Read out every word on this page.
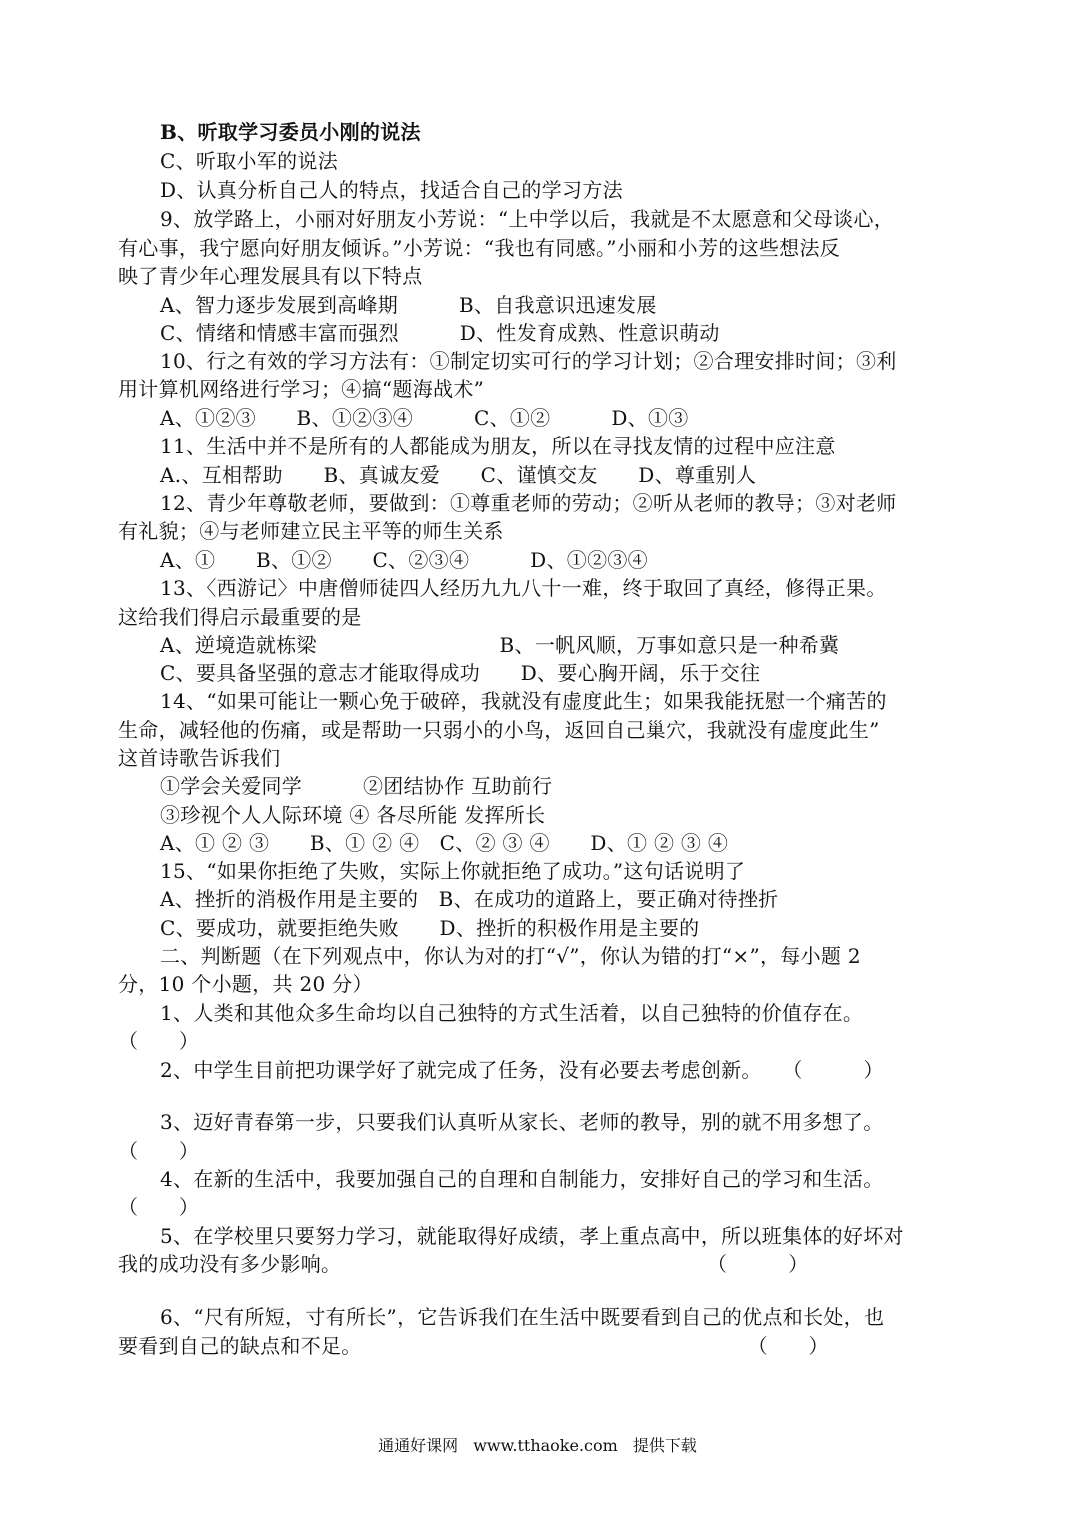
B、听取学习委员小刚的说法
C、听取小军的说法
D、认真分析自己人的特点，找适合自己的学习方法
9、放学路上，小丽对好朋友小芳说：“上中学以后，我就是不太愿意和父母谈心，
有心事，我宁愿向好朋友倾诉。”小芳说：“我也有同感。”小丽和小芳的这些想法反
映了青少年心理发展具有以下特点
A、智力逐步发展到高峰期　　　B、自我意识迅速发展
C、情绪和情感丰富而强烈　　　D、性发育成熟、性意识萌动
10、行之有效的学习方法有：①制定切实可行的学习计划；②合理安排时间；③利
用计算机网络进行学习；④搞“题海战术”
A、①②③　　B、①②③④　　　C、①②　　　D、①③
11、生活中并不是所有的人都能成为朋友，所以在寻找友情的过程中应注意
A.、互相帮助　　B、真诚友爱　　C、谨慎交友　　D、尊重别人
12、青少年尊敬老师，要做到：①尊重老师的劳动；②听从老师的教导；③对老师
有礼貌；④与老师建立民主平等的师生关系
A、①　　B、①②　　C、②③④　　　D、①②③④
13、〈西游记〉中唐僧师徒四人经历九九八十一难，终于取回了真经，修得正果。
这给我们得启示最重要的是
A、逆境造就栋梁　　　　　　　　　B、一帆风顺，万事如意只是一种希冀
C、要具备坚强的意志才能取得成功　　D、要心胸开阔，乐于交往
14、“如果可能让一颗心免于破碎，我就没有虚度此生；如果我能抚慰一个痛苦的
生命，减轻他的伤痛，或是帮助一只弱小的小鸟，返回自己巢穴，我就没有虚度此生”
这首诗歌告诉我们
①学会关爱同学　　　②团结协作 互助前行
③珍视个人人际环境 ④ 各尽所能 发挥所长
A、① ② ③　　B、① ② ④　C、② ③ ④　　D、① ② ③ ④
15、“如果你拒绝了失败，实际上你就拒绝了成功。”这句话说明了
A、挫折的消极作用是主要的　B、在成功的道路上，要正确对待挫折
C、要成功，就要拒绝失败　　D、挫折的积极作用是主要的
二、判断题（在下列观点中，你认为对的打“√”，你认为错的打“×”，每小题 2
分，10 个小题，共 20 分）
1、人类和其他众多生命均以自己独特的方式生活着，以自己独特的价值存在。
（　　）
2、中学生目前把功课学好了就完成了任务，没有必要去考虑创新。　　（　　　）
3、迈好青春第一步，只要我们认真听从家长、老师的教导，别的就不用多想了。
（　　）
4、在新的生活中，我要加强自己的自理和自制能力，安排好自己的学习和生活。
（　　）
5、在学校里只要努力学习，就能取得好成绩，孝上重点高中，所以班集体的好坏对
我的成功没有多少影响。　　　　　　　　　　　　　　　　　　　（　　　）
6、“尺有所短，寸有所长”，它告诉我们在生活中既要看到自己的优点和长处，也
要看到自己的缺点和不足。　　　　　　　　　　　　　　　　　　　　（　　）
通通好课网 www.tthaoke.com 提供下载
